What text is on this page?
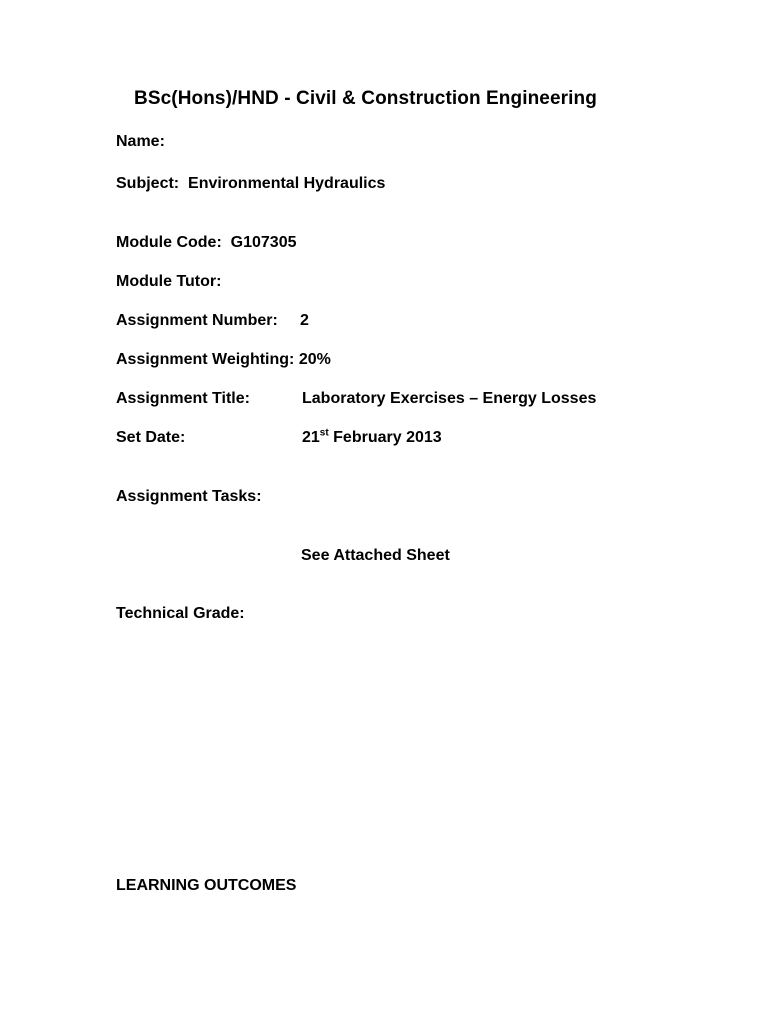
BSc(Hons)/HND - Civil & Construction Engineering
Name:
Subject: Environmental Hydraulics
Module Code: G107305
Module Tutor:
Assignment Number: 2
Assignment Weighting: 20%
Assignment Title:	Laboratory Exercises – Energy Losses
Set Date:	21st February 2013
Assignment Tasks:
See Attached Sheet
Technical Grade:
LEARNING OUTCOMES
